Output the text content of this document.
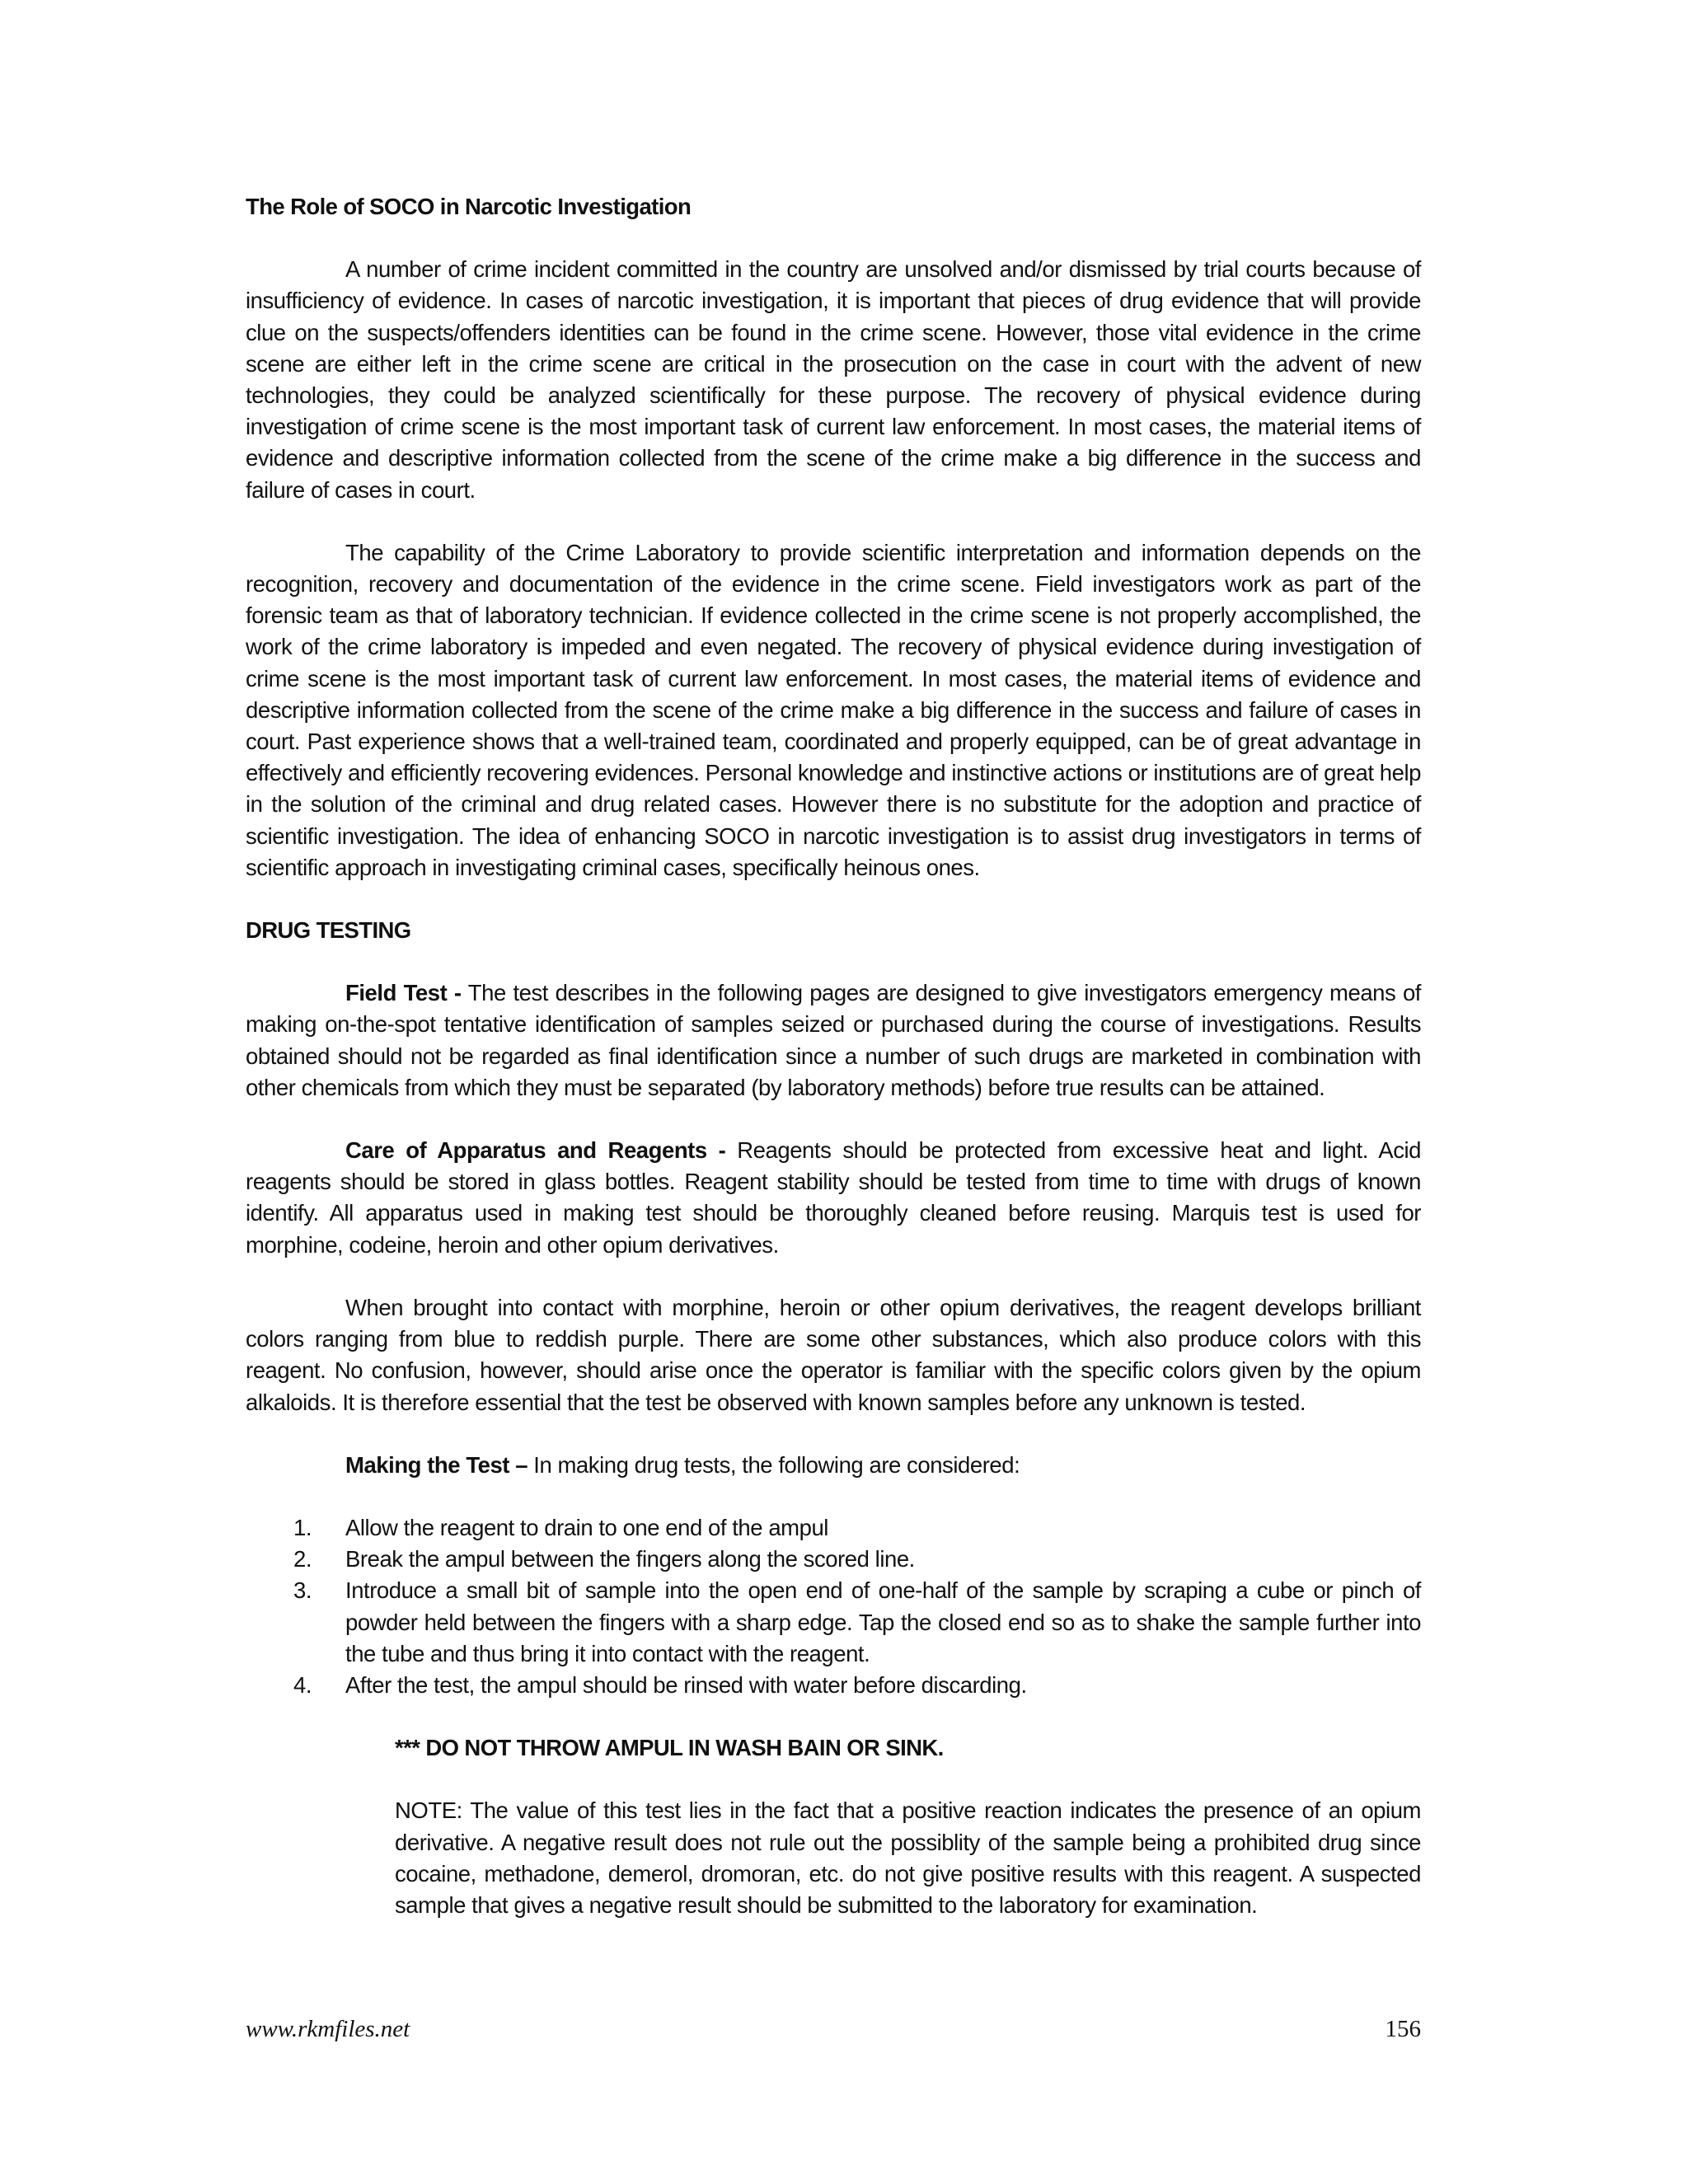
The Role of SOCO in Narcotic Investigation

A number of crime incident committed in the country are unsolved and/or dismissed by trial courts because of insufficiency of evidence. In cases of narcotic investigation, it is important that pieces of drug evidence that will provide clue on the suspects/offenders identities can be found in the crime scene. However, those vital evidence in the crime scene are either left in the crime scene are critical in the prosecution on the case in court with the advent of new technologies, they could be analyzed scientifically for these purpose. The recovery of physical evidence during investigation of crime scene is the most important task of current law enforcement. In most cases, the material items of evidence and descriptive information collected from the scene of the crime make a big difference in the success and failure of cases in court.

The capability of the Crime Laboratory to provide scientific interpretation and information depends on the recognition, recovery and documentation of the evidence in the crime scene. Field investigators work as part of the forensic team as that of laboratory technician. If evidence collected in the crime scene is not properly accomplished, the work of the crime laboratory is impeded and even negated. The recovery of physical evidence during investigation of crime scene is the most important task of current law enforcement. In most cases, the material items of evidence and descriptive information collected from the scene of the crime make a big difference in the success and failure of cases in court. Past experience shows that a well-trained team, coordinated and properly equipped, can be of great advantage in effectively and efficiently recovering evidences. Personal knowledge and instinctive actions or institutions are of great help in the solution of the criminal and drug related cases. However there is no substitute for the adoption and practice of scientific investigation. The idea of enhancing SOCO in narcotic investigation is to assist drug investigators in terms of scientific approach in investigating criminal cases, specifically heinous ones.

DRUG TESTING

Field Test - The test describes in the following pages are designed to give investigators emergency means of making on-the-spot tentative identification of samples seized or purchased during the course of investigations. Results obtained should not be regarded as final identification since a number of such drugs are marketed in combination with other chemicals from which they must be separated (by laboratory methods) before true results can be attained.

Care of Apparatus and Reagents - Reagents should be protected from excessive heat and light. Acid reagents should be stored in glass bottles. Reagent stability should be tested from time to time with drugs of known identify. All apparatus used in making test should be thoroughly cleaned before reusing. Marquis test is used for morphine, codeine, heroin and other opium derivatives.

When brought into contact with morphine, heroin or other opium derivatives, the reagent develops brilliant colors ranging from blue to reddish purple. There are some other substances, which also produce colors with this reagent. No confusion, however, should arise once the operator is familiar with the specific colors given by the opium alkaloids. It is therefore essential that the test be observed with known samples before any unknown is tested.

Making the Test – In making drug tests, the following are considered:

1. Allow the reagent to drain to one end of the ampul
2. Break the ampul between the fingers along the scored line.
3. Introduce a small bit of sample into the open end of one-half of the sample by scraping a cube or pinch of powder held between the fingers with a sharp edge. Tap the closed end so as to shake the sample further into the tube and thus bring it into contact with the reagent.
4. After the test, the ampul should be rinsed with water before discarding.

*** DO NOT THROW AMPUL IN WASH BAIN OR SINK.

NOTE: The value of this test lies in the fact that a positive reaction indicates the presence of an opium derivative. A negative result does not rule out the possiblity of the sample being a prohibited drug since cocaine, methadone, demerol, dromoran, etc. do not give positive results with this reagent. A suspected sample that gives a negative result should be submitted to the laboratory for examination.

www.rkmfiles.net	156
